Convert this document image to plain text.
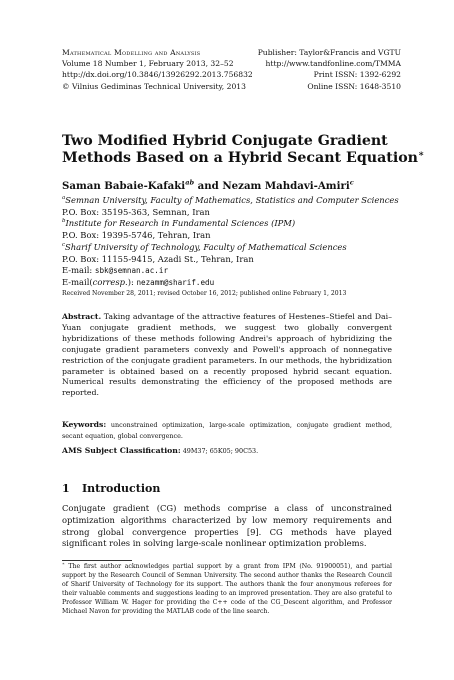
Mathematical Modelling and Analysis
Volume 18 Number 1, February 2013, 32–52
http://dx.doi.org/10.3846/13926292.2013.756832
© Vilnius Gediminas Technical University, 2013
Publisher: Taylor&Francis and VGTU
http://www.tandfonline.com/TMMA
Print ISSN: 1392-6292
Online ISSN: 1648-3510
Two Modified Hybrid Conjugate Gradient
Methods Based on a Hybrid Secant Equation∗
Saman Babaie-Kafaki$^{ab}$ and Nezam Mahdavi-Amiri$^c$
$^a$Semnan University, Faculty of Mathematics, Statistics and Computer Sciences
P.O. Box: 35195-363, Semnan, Iran
$^b$Institute for Research in Fundamental Sciences (IPM)
P.O. Box: 19395-5746, Tehran, Iran
$^c$Sharif University of Technology, Faculty of Mathematical Sciences
P.O. Box: 11155-9415, Azadi St., Tehran, Iran
E-mail: sbk@semnan.ac.ir
E-mail(corresp.): nezamm@sharif.edu
Received November 28, 2011; revised October 16, 2012; published online February 1, 2013
Abstract. Taking advantage of the attractive features of Hestenes–Stiefel and Dai–Yuan conjugate gradient methods, we suggest two globally convergent hybridizations of these methods following Andrei's approach of hybridizing the conjugate gradient parameters convexly and Powell's approach of nonnegative restriction of the conjugate gradient parameters. In our methods, the hybridization parameter is obtained based on a recently proposed hybrid secant equation. Numerical results demonstrating the efficiency of the proposed methods are reported.
Keywords: unconstrained optimization, large-scale optimization, conjugate gradient method, secant equation, global convergence.
AMS Subject Classification: 49M37; 65K05; 90C53.
1 Introduction
Conjugate gradient (CG) methods comprise a class of unconstrained optimization algorithms characterized by low memory requirements and strong global convergence properties [9]. CG methods have played significant roles in solving large-scale nonlinear optimization problems.
∗ The first author acknowledges partial support by a grant from IPM (No. 91900051), and partial support by the Research Council of Semnan University. The second author thanks the Research Council of Sharif University of Technology for its support. The authors thank the four anonymous referees for their valuable comments and suggestions leading to an improved presentation. They are also grateful to Professor William W. Hager for providing the C++ code of the CG_Descent algorithm, and Professor Michael Navon for providing the MATLAB code of the line search.
